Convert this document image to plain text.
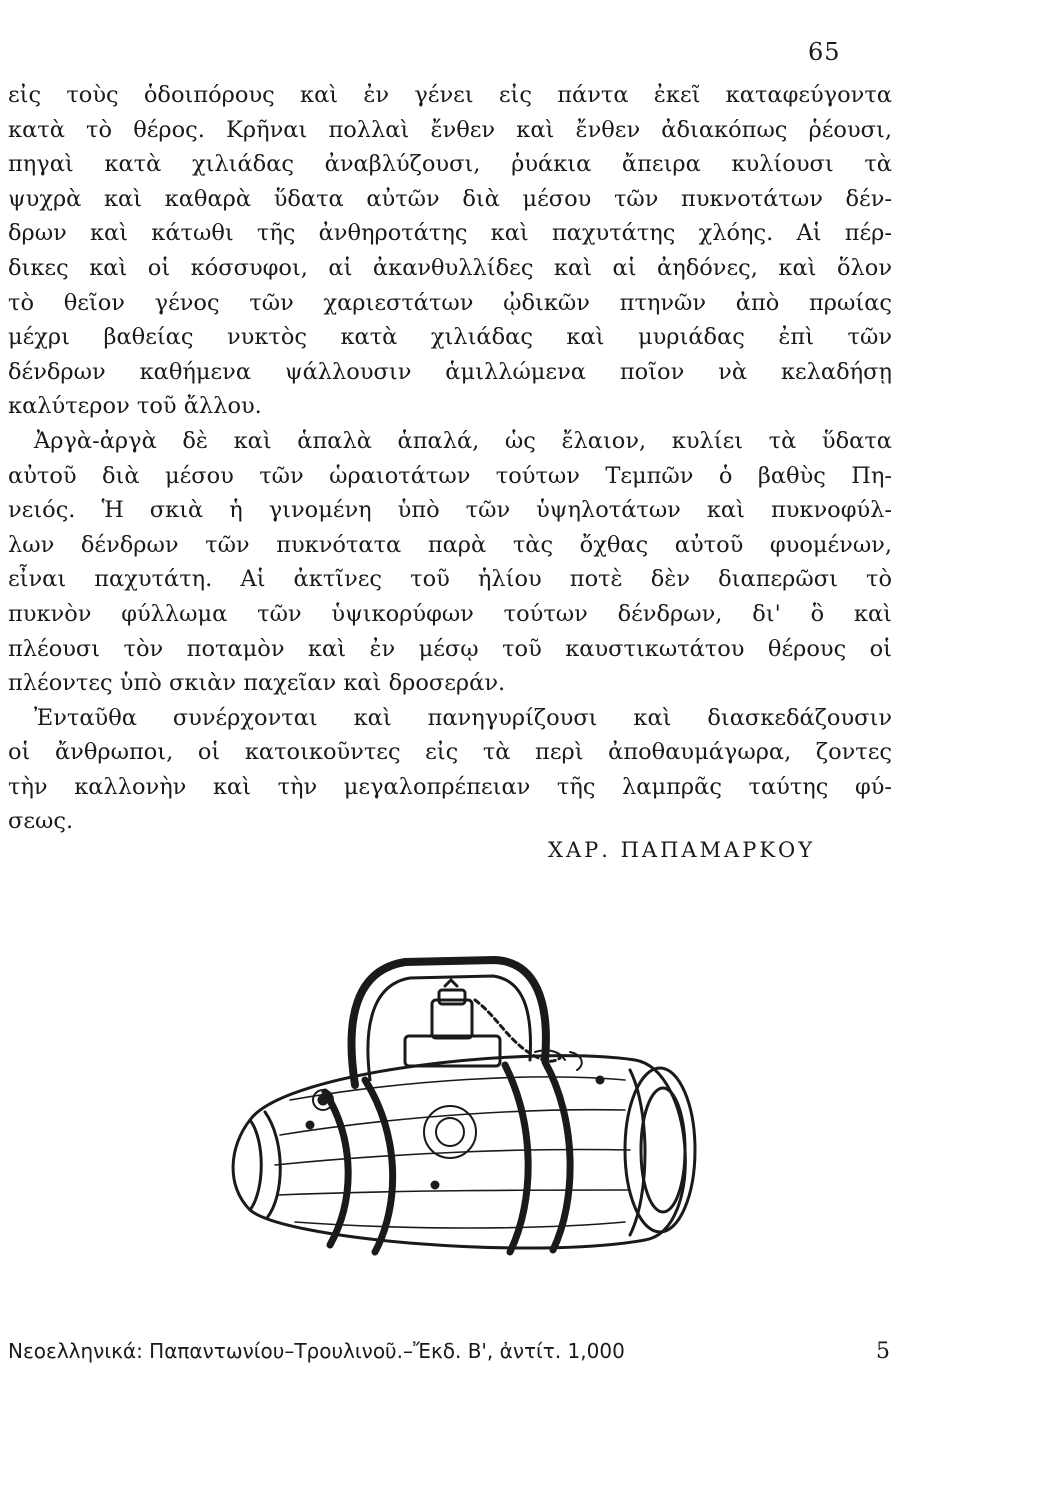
65
εἰς τοὺς ὁδοιπόρους καὶ ἐν γένει εἰς πάντα ἐκεῖ καταφεύγοντα
κατὰ τὸ θέρος. Κρῆναι πολλαὶ ἔνθεν καὶ ἔνθεν ἀδιακόπως ῥέουσι,
πηγαὶ κατὰ χιλιάδας ἀναβλύζουσι, ῥυάκια ἄπειρα κυλίουσι τὰ
ψυχρὰ καὶ καθαρὰ ὕδατα αὐτῶν διὰ μέσου τῶν πυκνοτάτων δέν-
δρων καὶ κάτωθι τῆς ἀνθηροτάτης καὶ παχυτάτης χλόης. Αἱ πέρ-
δικες καὶ οἱ κόσσυφοι, αἱ ἀκανθυλλίδες καὶ αἱ ἀηδόνες, καὶ ὅλον
τὸ θεῖον γένος τῶν χαριεστάτων ᾠδικῶν πτηνῶν ἀπὸ πρωίας
μέχρι βαθείας νυκτὸς κατὰ χιλιάδας καὶ μυριάδας ἐπὶ τῶν
δένδρων καθήμενα ψάλλουσιν ἁμιλλώμενα ποῖον νὰ κελαδήσῃ
καλύτερον τοῦ ἄλλου.
Ἀργὰ-ἀργὰ δὲ καὶ ἁπαλὰ ἁπαλά, ὡς ἔλαιον, κυλίει τὰ ὕδατα
αὐτοῦ διὰ μέσου τῶν ὡραιοτάτων τούτων Τεμπῶν ὁ βαθὺς Πη-
νειός. Ἡ σκιὰ ἡ γινομένη ὑπὸ τῶν ὑψηλοτάτων καὶ πυκνοφύλ-
λων δένδρων τῶν πυκνότατα παρὰ τὰς ὄχθας αὐτοῦ φυομένων,
εἶναι παχυτάτη. Αἱ ἀκτῖνες τοῦ ἡλίου ποτὲ δὲν διαπερῶσι τὸ
πυκνὸν φύλλωμα τῶν ὑψικορύφων τούτων δένδρων, δι' ὃ καὶ
πλέουσι τὸν ποταμὸν καὶ ἐν μέσῳ τοῦ καυστικωτάτου θέρους οἱ
πλέοντες ὑπὸ σκιὰν παχεῖαν καὶ δροσεράν.
Ἐνταῦθα συνέρχονται καὶ πανηγυρίζουσι καὶ διασκεδάζουσιν
οἱ ἄνθρωποι, οἱ κατοικοῦντες εἰς τὰ περὶ ἀποθαυμάγωρα, ζοντες
τὴν καλλονὴν καὶ τὴν μεγαλοπρέπειαν τῆς λαμπρᾶς ταύτης φύ-
σεως.
ΧΑΡ. ΠΑΠΑΜΑΡΚΟΥ
Νεοελληνικά: Παπαντωνίου–Τρουλινοῦ.–Ἔκδ. Β', ἀντίτ. 1,000	5
